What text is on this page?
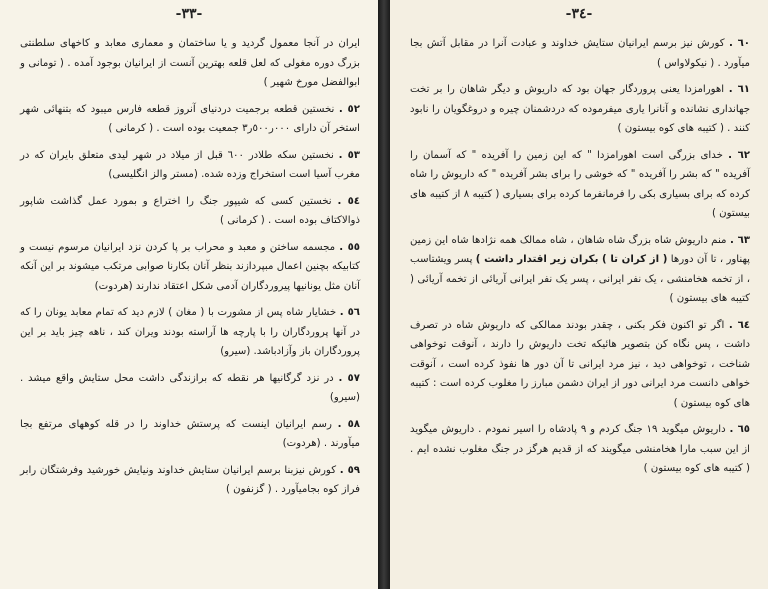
-٣٣-

ایران در آنجا معمول گردید و یا ساختمان و معماری معابد و کاخهای سلطنتی بزرگ دوره مغولی که لعل قلعه بهترین آنست از ایرانیان بوجود آمده . ( تومانی و ابوالفضل مورخ شهیر )

٥٢ . نخستین قطعه برجمیت دردنیای آنروز قطعه فارس میبود که بتنهائی شهر استخر آن دارای ٠٠٠ر٥٠٠ر٣ جمعیت بوده است . ( کرمانی )

٥٣ . نخستین سکه طلادر ٦٠٠ قبل از میلاد در شهر لیدی متعلق بایران که در مغرب آسیا است استخراج وزده شده. (مستر والز انگلیسی)

٥٤ . نخستین کسی که شیپور جنگ را اختراع و بمورد عمل گذاشت شاپور ذوالاکتاف بوده است . ( کرمانی )

٥٥ . مجسمه ساختن و معبد و محراب بر پا کردن نزد ایرانیان مرسوم نیست و کتابیکه بچنین اعمال مبپردازند بنظر آنان بکارنا صوابی مرتکب میشوند بر این آنکه آنان مثل یونانیها پیروردگاران آدمی شکل اعتقاد ندارند (هردوت)

٥٦ . خشایار شاه پس از مشورت با ( مغان ) لازم دید که تمام معابد یونان را که در آنها پروردگاران را با پارچه ها آراسته بودند ویران کند ، ناهه چیز باید بر این پروردگاران باز وآزادباشد. (سیرو)

٥٧ . در نزد گرگانیها هر نقطه که برازندگی داشت محل ستایش واقع میشد . (سیرو)

٥٨ . رسم ایرانیان اینست که پرستش خداوند را در قله کوههای مرتفع بجا میآورند . (هردوت)

٥٩ . کورش نیزبنا برسم ایرانیان ستایش خداوند ونیایش خورشید وفرشتگان رابر فراز کوه بجامیآورد . ( گزنفون )

-٣٤-

٦٠ . کورش نیز برسم ایرانیان ستایش خداوند و عبادت آنرا در مقابل آتش بجا میآورد . ( نیکولاواس )

٦١ . اهورامزدا یعنی پروردگار جهان بود که داریوش و دیگر شاهان را بر تخت جهانداری نشانده و آنانرا یاری میفرموده که دردشمنان چیره و دروغگویان را نابود کنند . ( کتیبه های کوه بیستون )

٦٢ . خدای بزرگی است اهورامزدا " که این زمین را آفریده " که آسمان را آفریده " که بشر را آفریده " که خوشی را برای بشر آفریده " که داریوش را شاه کرده که برای بسیاری بکی را فرمانفرما کرده برای بسیاری ( کتیبه ۸ از کتیبه های بیستون )

٦٣ . منم داریوش شاه بزرگ شاه شاهان ، شاه ممالک همه نژادها شاه این زمین پهناور ، تا آن دورها ( از کران تا ) بکران زیر اقتدار داشت ) پسر ویشتاسب ، از تخمه هخامنشی ، یک نفر ایرانی ، پسر یک نفر ایرانی آریائی از تخمه آریائی ( کتیبه های بیستون )

٦٤ . اگر تو اکنون فکر بکنی ، چقدر بودند ممالکی که داریوش شاه در تصرف داشت ، پس نگاه کن بتصویر هائیکه تخت داریوش را دارند ، آنوقت توخواهی شناخت ، توخواهی دید ، نیز مرد ایرانی تا آن دور ها نفوذ کرده است ، آنوقت خواهی دانست مرد ایرانی دور از ایران دشمن مبارز را مغلوب کرده است : کتیبه های کوه بیستون )

٦٥ . داریوش میگوید ۱۹ جنگ کردم و ۹ پادشاه را اسیر نمودم . داریوش میگوید از این سبب مارا هخامنشی میگویند که از قدیم هرگز در جنگ مغلوب نشده ایم . ( کتیبه های کوه بیستون )
